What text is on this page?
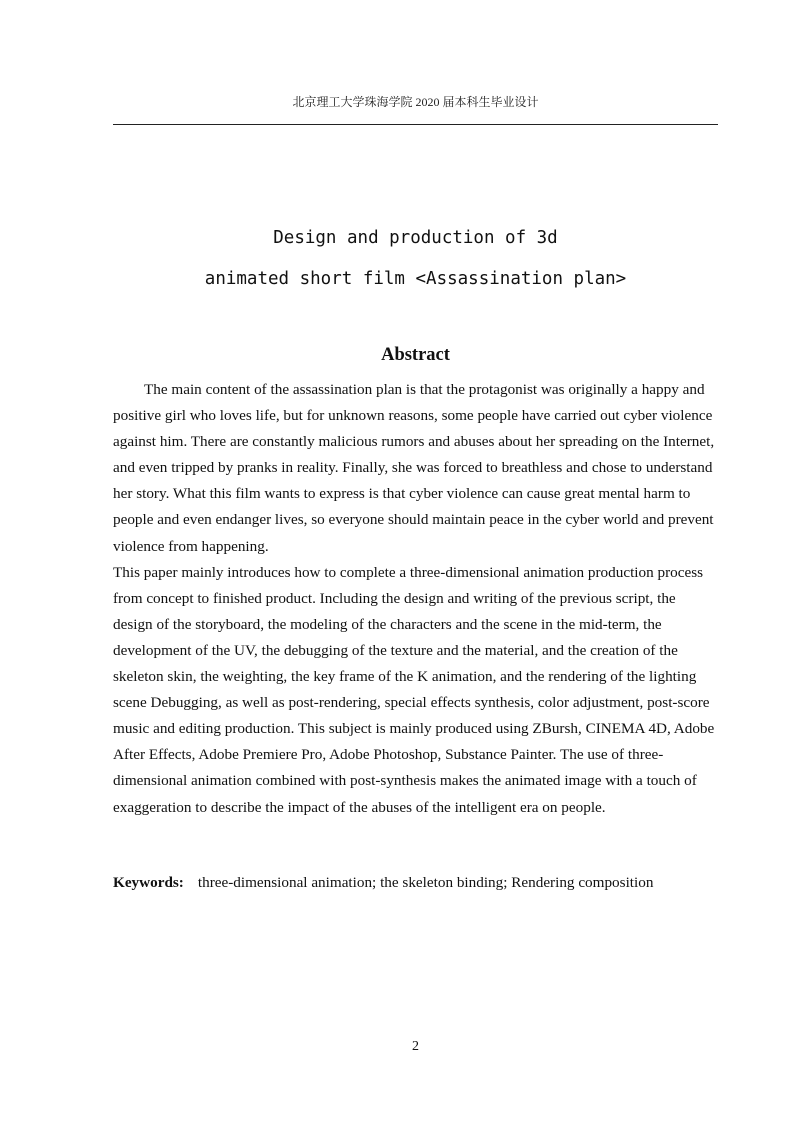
北京理工大学珠海学院 2020 届本科生毕业设计
Design and production of 3d
animated short film <Assassination plan>
Abstract

The main content of the assassination plan is that the protagonist was originally a happy and positive girl who loves life, but for unknown reasons, some people have carried out cyber violence against him. There are constantly malicious rumors and abuses about her spreading on the Internet, and even tripped by pranks in reality. Finally, she was forced to breathless and chose to understand her story. What this film wants to express is that cyber violence can cause great mental harm to people and even endanger lives, so everyone should maintain peace in the cyber world and prevent violence from happening.

This paper mainly introduces how to complete a three-dimensional animation production process from concept to finished product. Including the design and writing of the previous script, the design of the storyboard, the modeling of the characters and the scene in the mid-term, the development of the UV, the debugging of the texture and the material, and the creation of the skeleton skin, the weighting, the key frame of the K animation, and the rendering of the lighting scene Debugging, as well as post-rendering, special effects synthesis, color adjustment, post-score music and editing production. This subject is mainly produced using ZBursh, CINEMA 4D, Adobe After Effects, Adobe Premiere Pro, Adobe Photoshop, Substance Painter. The use of three-dimensional animation combined with post-synthesis makes the animated image with a touch of exaggeration to describe the impact of the abuses of the intelligent era on people.

Keywords: three-dimensional animation; the skeleton binding; Rendering composition
2
